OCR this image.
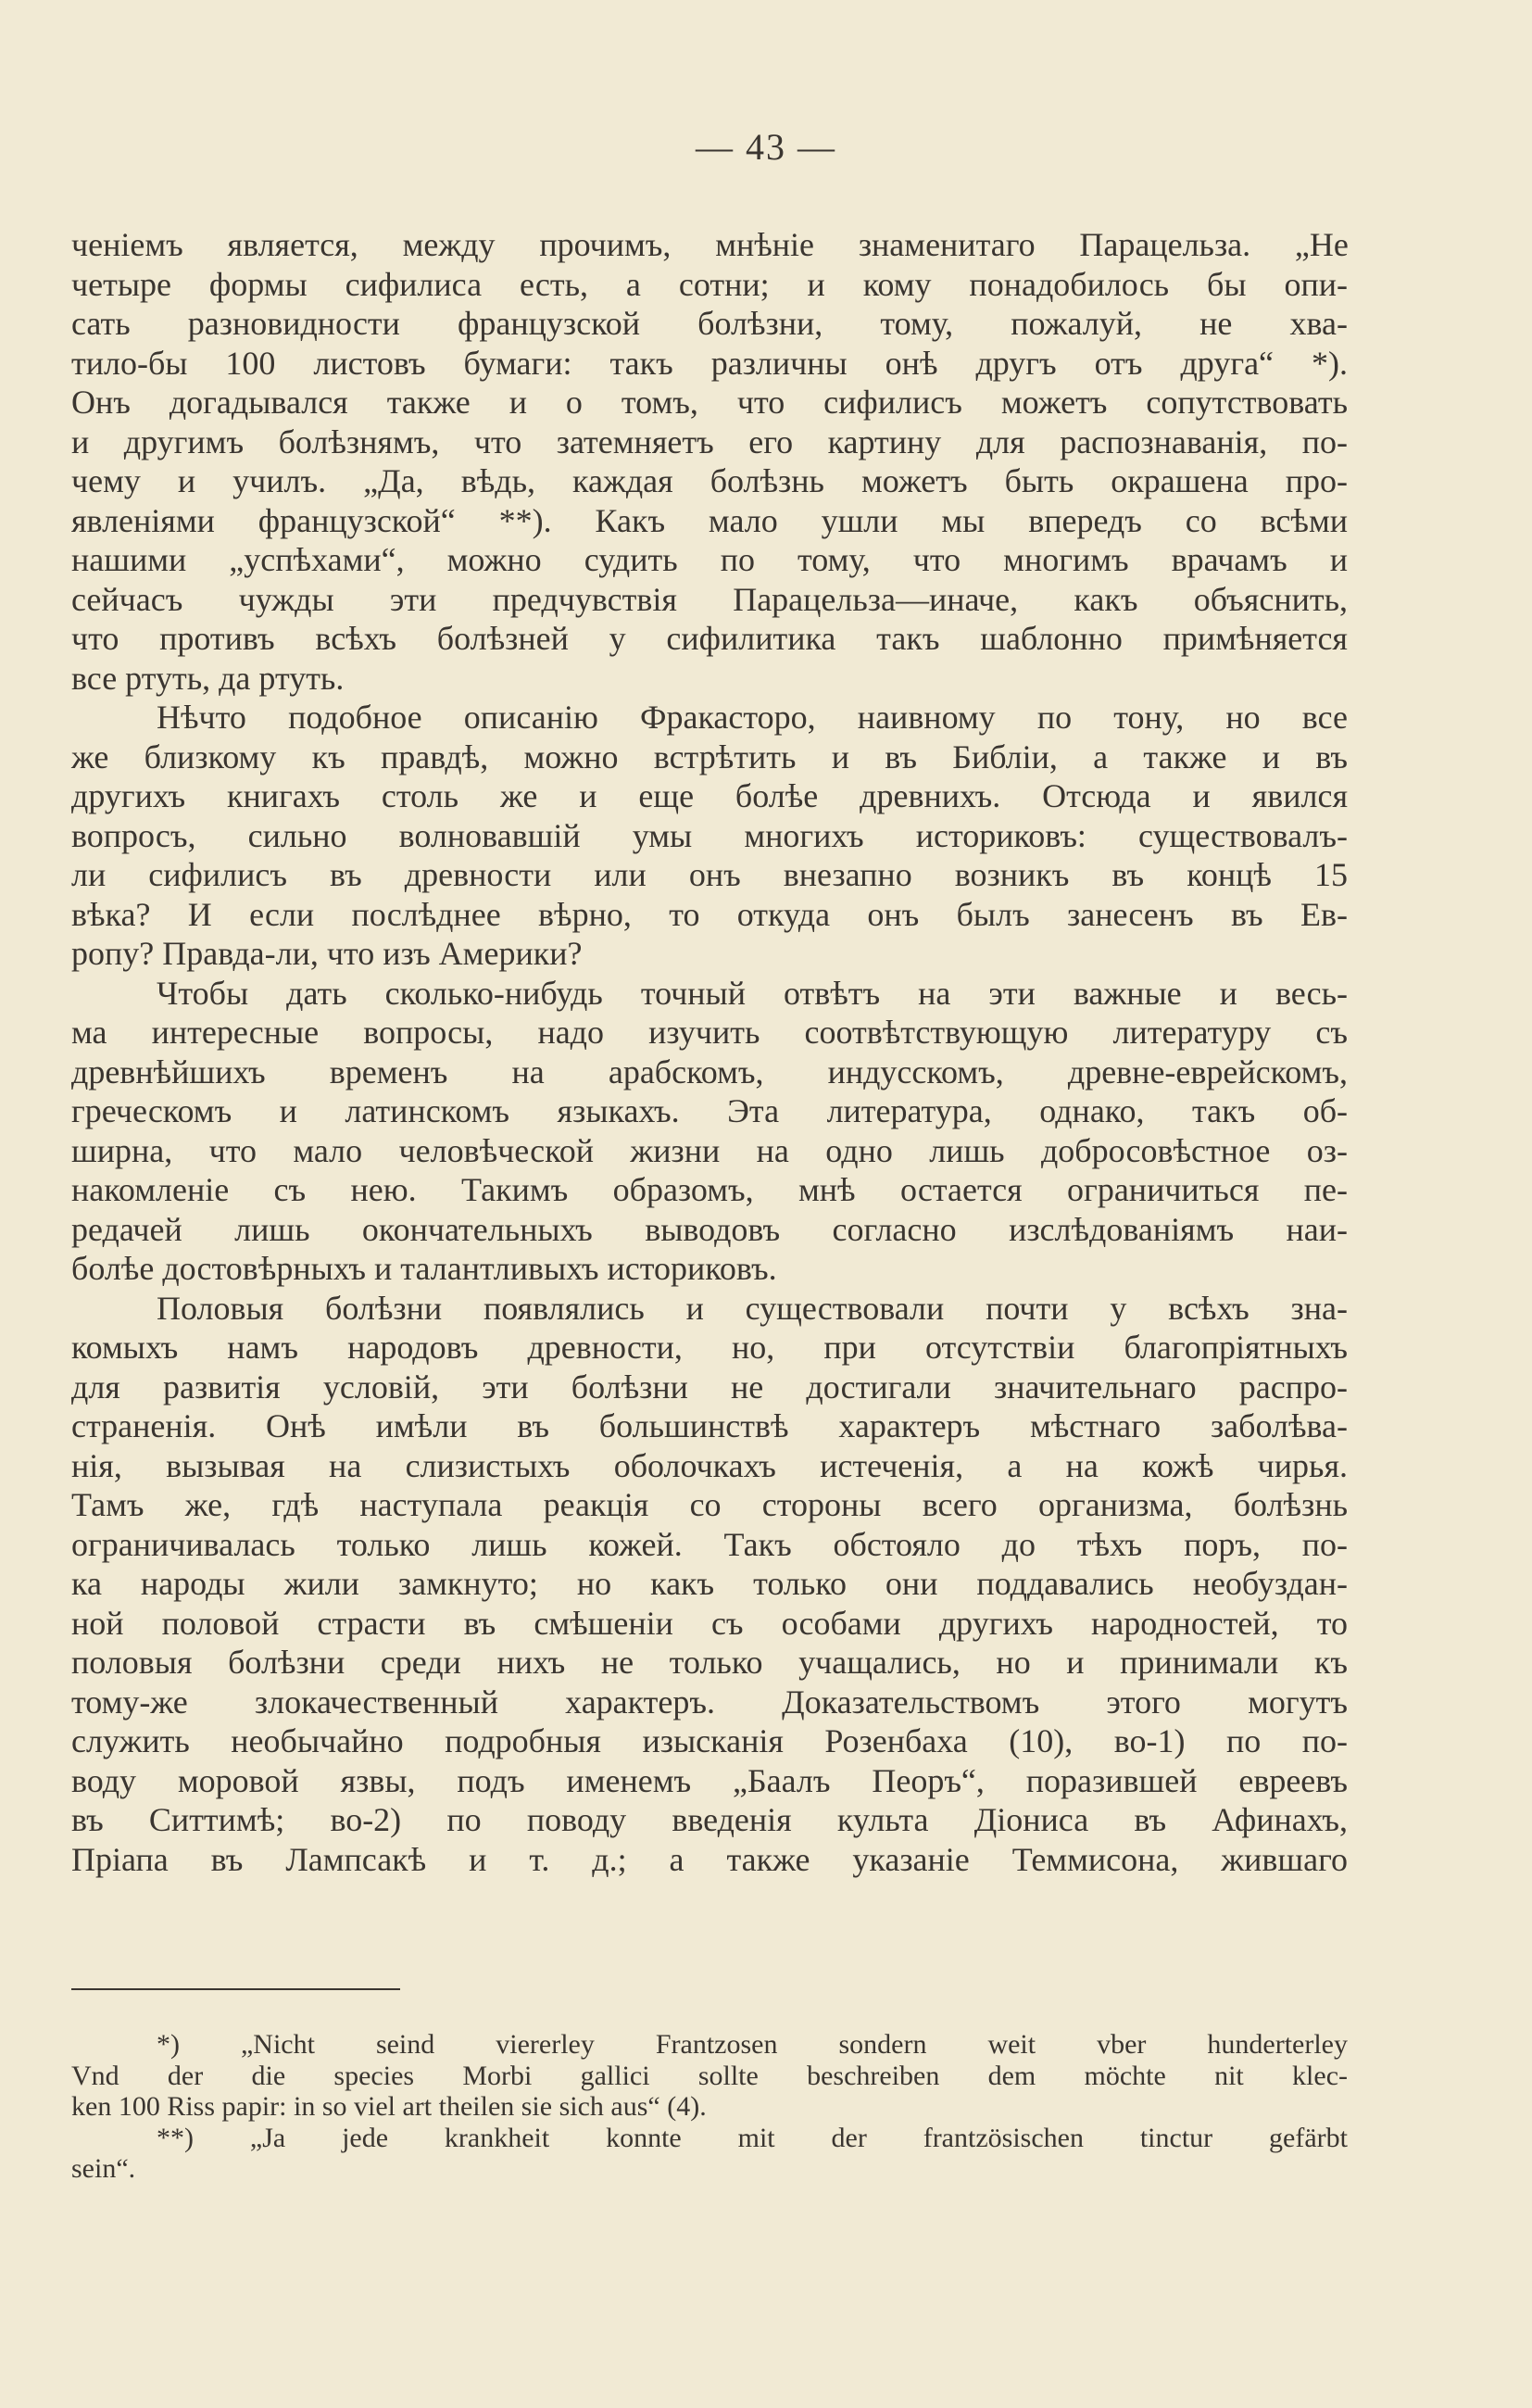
— 43 —
ченіемъ является, между прочимъ, мнѣніе знаменитаго Парацельза. „Не
четыре формы сифилиса есть, а сотни; и кому понадобилось бы опи-
сать разновидности французской болѣзни, тому, пожалуй, не хва-
тило-бы 100 листовъ бумаги: такъ различны онѣ другъ отъ друга“ *).
Онъ догадывался также и о томъ, что сифилисъ можетъ сопутствовать
и другимъ болѣзнямъ, что затемняетъ его картину для распознаванія, по-
чему и училъ. „Да, вѣдь, каждая болѣзнь можетъ быть окрашена про-
явленіями французской“ **). Какъ мало ушли мы впередъ со всѣми
нашими „успѣхами“, можно судить по тому, что многимъ врачамъ и
сейчасъ чужды эти предчувствія Парацельза—иначе, какъ объяснить,
что противъ всѣхъ болѣзней у сифилитика такъ шаблонно примѣняется
все ртуть, да ртуть.
Нѣчто подобное описанію Фракасторо, наивному по тону, но все
же близкому къ правдѣ, можно встрѣтить и въ Библіи, а также и въ
другихъ книгахъ столь же и еще болѣе древнихъ. Отсюда и явился
вопросъ, сильно волновавшій умы многихъ историковъ: существовалъ-
ли сифилисъ въ древности или онъ внезапно возникъ въ концѣ 15
вѣка? И если послѣднее вѣрно, то откуда онъ былъ занесенъ въ Ев-
ропу? Правда-ли, что изъ Америки?
Чтобы дать сколько-нибудь точный отвѣтъ на эти важные и весь-
ма интересные вопросы, надо изучить соотвѣтствующую литературу съ
древнѣйшихъ временъ на арабскомъ, индусскомъ, древне-еврейскомъ,
греческомъ и латинскомъ языкахъ. Эта литература, однако, такъ об-
ширна, что мало человѣческой жизни на одно лишь добросовѣстное оз-
накомленіе съ нею. Такимъ образомъ, мнѣ остается ограничиться пе-
редачей лишь окончательныхъ выводовъ согласно изслѣдованіямъ наи-
болѣе достовѣрныхъ и талантливыхъ историковъ.
Половыя болѣзни появлялись и существовали почти у всѣхъ зна-
комыхъ намъ народовъ древности, но, при отсутствіи благопріятныхъ
для развитія условій, эти болѣзни не достигали значительнаго распро-
страненія. Онѣ имѣли въ большинствѣ характеръ мѣстнаго заболѣва-
нія, вызывая на слизистыхъ оболочкахъ истеченія, а на кожѣ чирья.
Тамъ же, гдѣ наступала реакція со стороны всего организма, болѣзнь
ограничивалась только лишь кожей. Такъ обстояло до тѣхъ поръ, по-
ка народы жили замкнуто; но какъ только они поддавались необуздан-
ной половой страсти въ смѣшеніи съ особами другихъ народностей, то
половыя болѣзни среди нихъ не только учащались, но и принимали къ
тому-же злокачественный характеръ. Доказательствомъ этого могутъ
служить необычайно подробныя изысканія Розенбаха (10), во-1) по по-
воду моровой язвы, подъ именемъ „Баалъ Пеоръ“, поразившей евреевъ
въ Ситтимѣ; во-2) по поводу введенія культа Діониса въ Афинахъ,
Пріапа въ Лампсакѣ и т. д.; а также указаніе Теммисона, жившаго
*) „Nicht seind viererley Frantzosen sondern weit vber hunderterley
Vnd der die species Morbi gallici sollte beschreiben dem möchte nit klec-
ken 100 Riss papir: in so viel art theilen sie sich aus“ (4).
**) „Ja jede krankheit konnte mit der frantzösischen tinctur gefärbt
sein“.
